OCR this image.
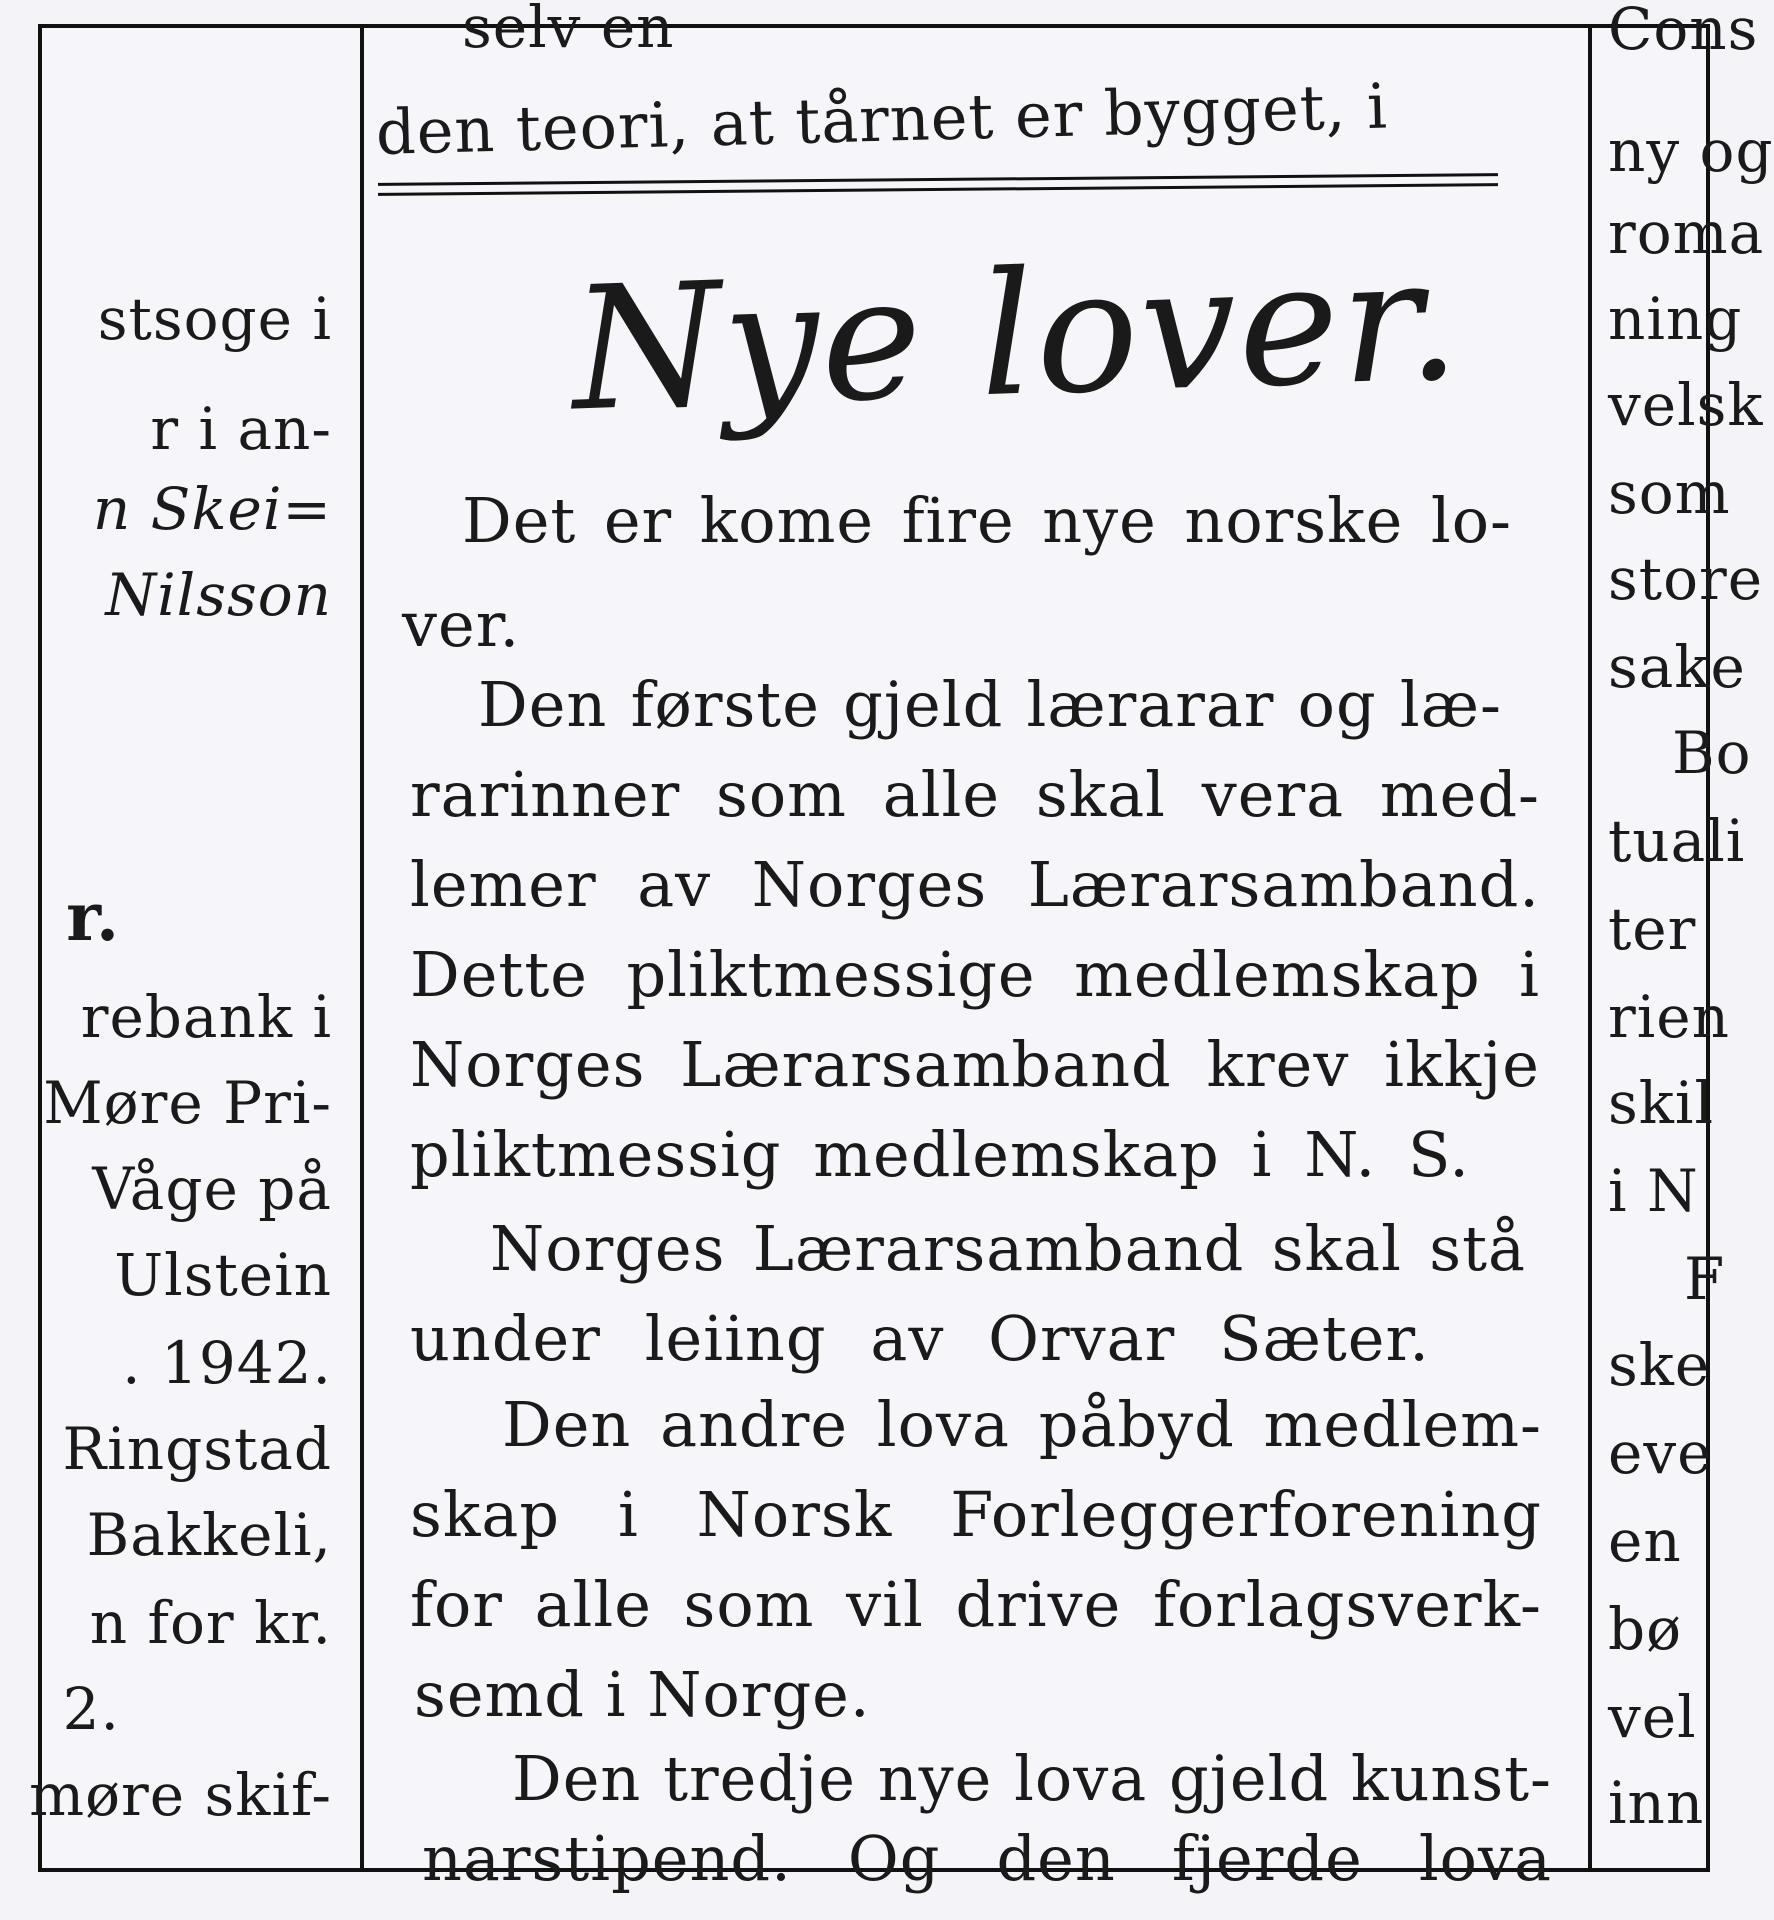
stsoge i
r i an-
n Skei=
Nilsson
r.
rebank i
Møre Pri-
Våge på
Ulstein
. 1942.
Ringstad
Bakkeli,
n for kr.
2.
møre skif-
selv en
den teori, at tårnet er bygget, i
Nye lover.
Det er kome fire nye norske lo-
ver.
Den første gjeld lærarar og læ-
rarinner som alle skal vera med-
lemer av Norges Lærarsamband.
Dette pliktmessige medlemskap i
Norges Lærarsamband krev ikkje
pliktmessig medlemskap i N. S.
Norges Lærarsamband skal stå
under leiing av Orvar Sæter.
Den andre lova påbyd medlem-
skap i Norsk Forleggerforening
for alle som vil drive forlagsverk-
semd i Norge.
Den tredje nye lova gjeld kunst-
narstipend. Og den fjerde lova
Cons
ny og
roma
ning
velsk
som
store
sake
Bo
tuali
ter
rien
skil
i N
F
ske
eve
en
bø
vel
inn
